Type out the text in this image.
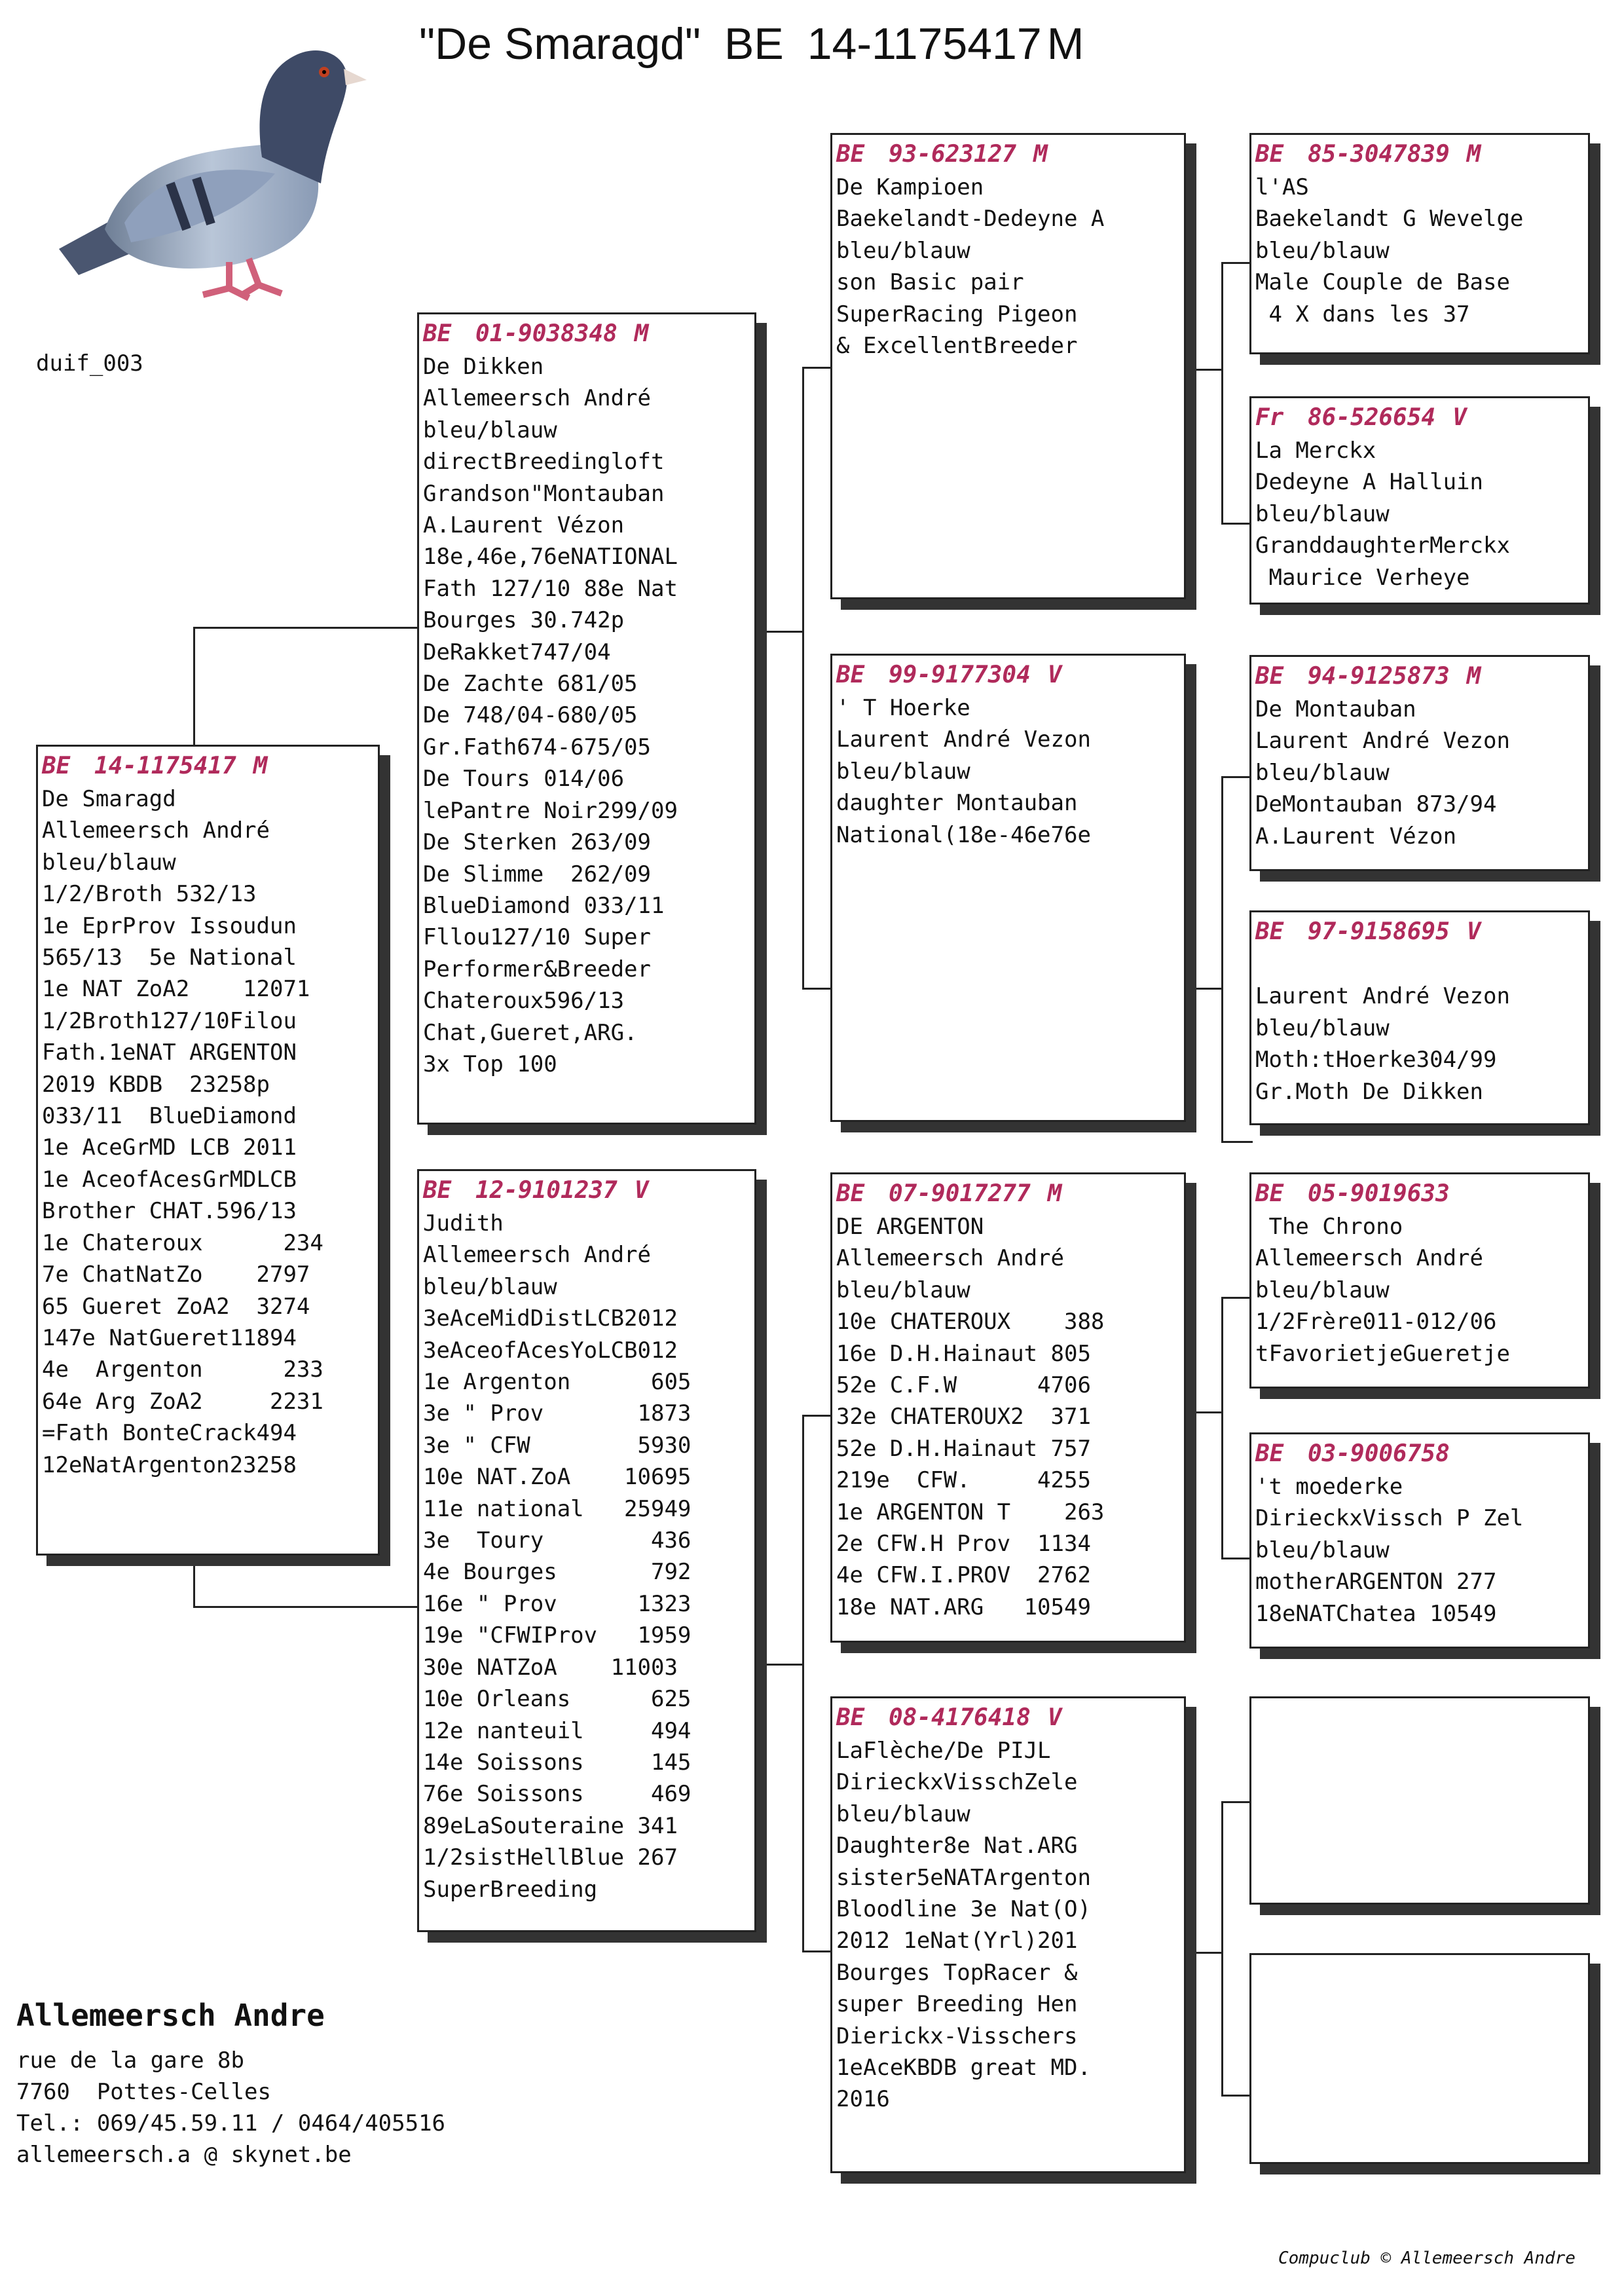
"De Smaragd" BE 14-1175417 M
duif_003
BE	14-1175417 M
De Smaragd
Allemeersch André
bleu/blauw
1/2/Broth 532/13
1e EprProv Issoudun
565/13  5e National
1e NAT ZoA2    12071
1/2Broth127/10Filou
Fath.1eNAT ARGENTON
2019 KBDB  23258p
033/11  BlueDiamond
1e AceGrMD LCB 2011
1e AceofAcesGrMDLCB
Brother CHAT.596/13
1e Chateroux      234
7e ChatNatZo    2797
65 Gueret ZoA2  3274
147e NatGueret11894
4e  Argenton      233
64e Arg ZoA2     2231
=Fath BonteCrack494
12eNatArgenton23258
BE	01-9038348 M
De Dikken
Allemeersch André
bleu/blauw
directBreedingloft
Grandson"Montauban
A.Laurent Vézon
18e,46e,76eNATIONAL
Fath 127/10 88e Nat
Bourges 30.742p
DeRakket747/04
De Zachte 681/05
De 748/04-680/05
Gr.Fath674-675/05
De Tours 014/06
lePantre Noir299/09
De Sterken 263/09
De Slimme  262/09
BlueDiamond 033/11
Fllou127/10 Super
Performer&Breeder
Chateroux596/13
Chat,Gueret,ARG.
3x Top 100
BE	12-9101237 V
Judith
Allemeersch André
bleu/blauw
3eAceMidDistLCB2012
3eAceofAcesYoLCB012
1e Argenton      605
3e " Prov       1873
3e " CFW        5930
10e NAT.ZoA    10695
11e national   25949
3e  Toury        436
4e Bourges       792
16e " Prov      1323
19e "CFWIProv   1959
30e NATZoA    11003
10e Orleans      625
12e nanteuil     494
14e Soissons     145
76e Soissons     469
89eLaSouteraine 341
1/2sistHellBlue 267
SuperBreeding
BE	93-623127 M
De Kampioen
Baekelandt-Dedeyne A
bleu/blauw
son Basic pair
SuperRacing Pigeon
& ExcellentBreeder
BE	99-9177304 V
' T Hoerke
Laurent André Vezon
bleu/blauw
daughter Montauban
National(18e-46e76e
BE	07-9017277 M
DE ARGENTON
Allemeersch André
bleu/blauw
10e CHATEROUX    388
16e D.H.Hainaut 805
52e C.F.W      4706
32e CHATEROUX2  371
52e D.H.Hainaut 757
219e  CFW.     4255
1e ARGENTON T    263
2e CFW.H Prov  1134
4e CFW.I.PROV  2762
18e NAT.ARG   10549
BE	08-4176418 V
LaFlèche/De PIJL
DirieckxVisschZele
bleu/blauw
Daughter8e Nat.ARG
sister5eNATArgenton
Bloodline 3e Nat(O)
2012 1eNat(Yrl)201
Bourges TopRacer &
super Breeding Hen
Dierickx-Visschers
1eAceKBDB great MD.
2016
BE	85-3047839 M
l'AS
Baekelandt G Wevelge
bleu/blauw
Male Couple de Base
4 X dans les 37
Fr	86-526654 V
La Merckx
Dedeyne A Halluin
bleu/blauw
GranddaughterMerckx
Maurice Verheye
BE	94-9125873 M
De Montauban
Laurent André Vezon
bleu/blauw
DeMontauban 873/94
A.Laurent Vézon
BE	97-9158695 V
Laurent André Vezon
bleu/blauw
Moth:tHoerke304/99
Gr.Moth De Dikken
BE	05-9019633
The Chrono
Allemeersch André
bleu/blauw
1/2Frère011-012/06
tFavorietjeGueretje
BE	03-9006758
't moederke
DirieckxVissch P Zel
bleu/blauw
motherARGENTON 277
18eNATChatea 10549
Allemeersch Andre
rue de la gare 8b
7760  Pottes-Celles
Tel.: 069/45.59.11 / 0464/405516
allemeersch.a @ skynet.be
Compuclub © Allemeersch Andre
